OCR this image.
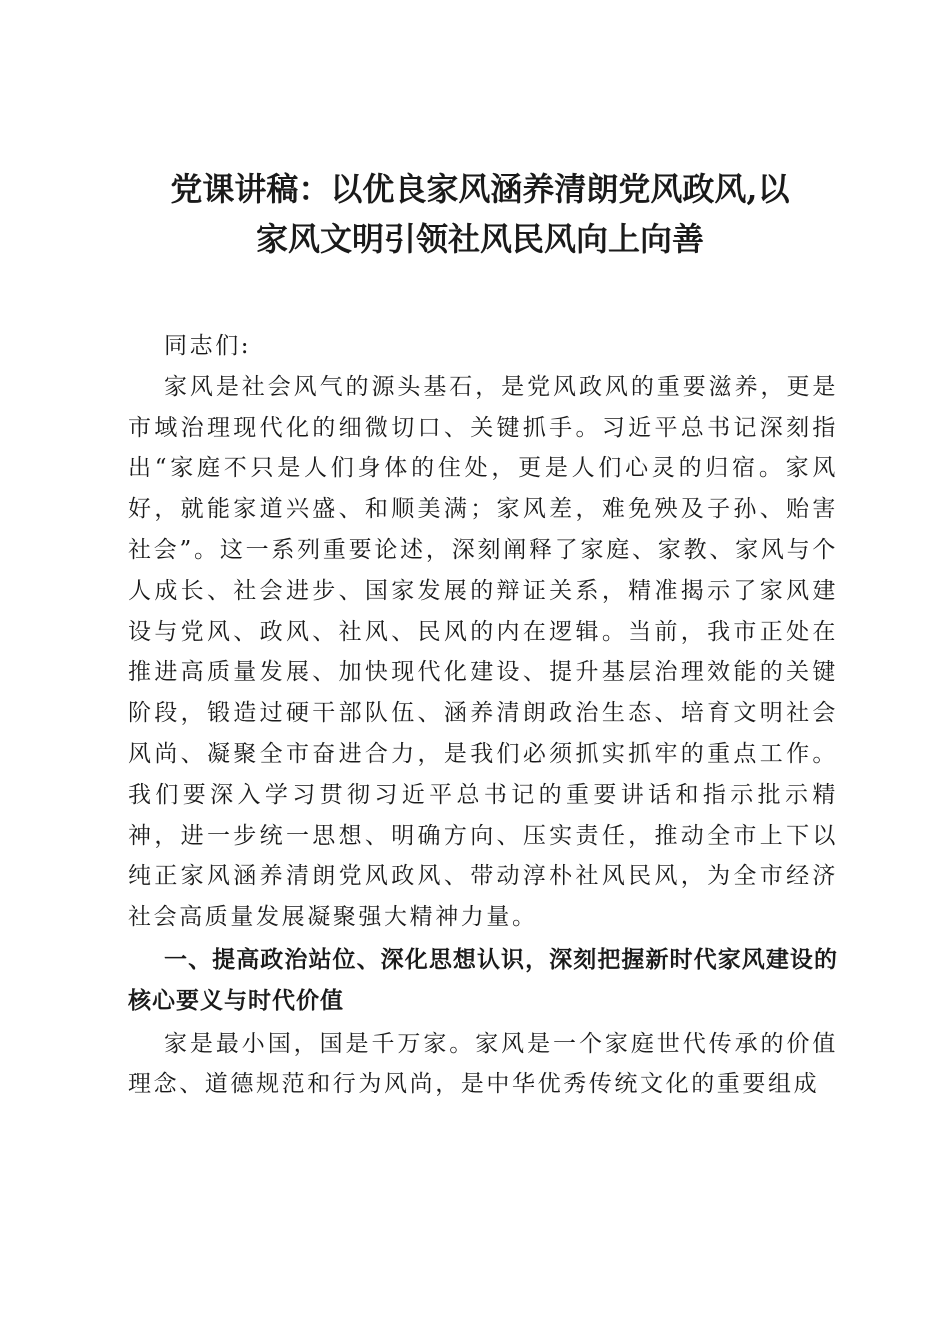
党课讲稿：以优良家风涵养清朗党风政风,以
家风文明引领社风民风向上向善

同志们:

家风是社会风气的源头基石，是党风政风的重要滋养，更是市域治理现代化的细微切口、关键抓手。习近平总书记深刻指出“家庭不只是人们身体的住处，更是人们心灵的归宿。家风好，就能家道兴盛、和顺美满；家风差，难免殃及子孙、贻害社会”。这一系列重要论述，深刻阐释了家庭、家教、家风与个人成长、社会进步、国家发展的辩证关系，精准揭示了家风建设与党风、政风、社风、民风的内在逻辑。当前，我市正处在推进高质量发展、加快现代化建设、提升基层治理效能的关键阶段，锻造过硬干部队伍、涵养清朗政治生态、培育文明社会风尚、凝聚全市奋进合力，是我们必须抓实抓牢的重点工作。我们要深入学习贯彻习近平总书记的重要讲话和指示批示精神，进一步统一思想、明确方向、压实责任，推动全市上下以纯正家风涵养清朗党风政风、带动淳朴社风民风，为全市经济社会高质量发展凝聚强大精神力量。

一、提高政治站位、深化思想认识，深刻把握新时代家风建设的核心要义与时代价值

家是最小国，国是千万家。家风是一个家庭世代传承的价值理念、道德规范和行为风尚，是中华优秀传统文化的重要组成
